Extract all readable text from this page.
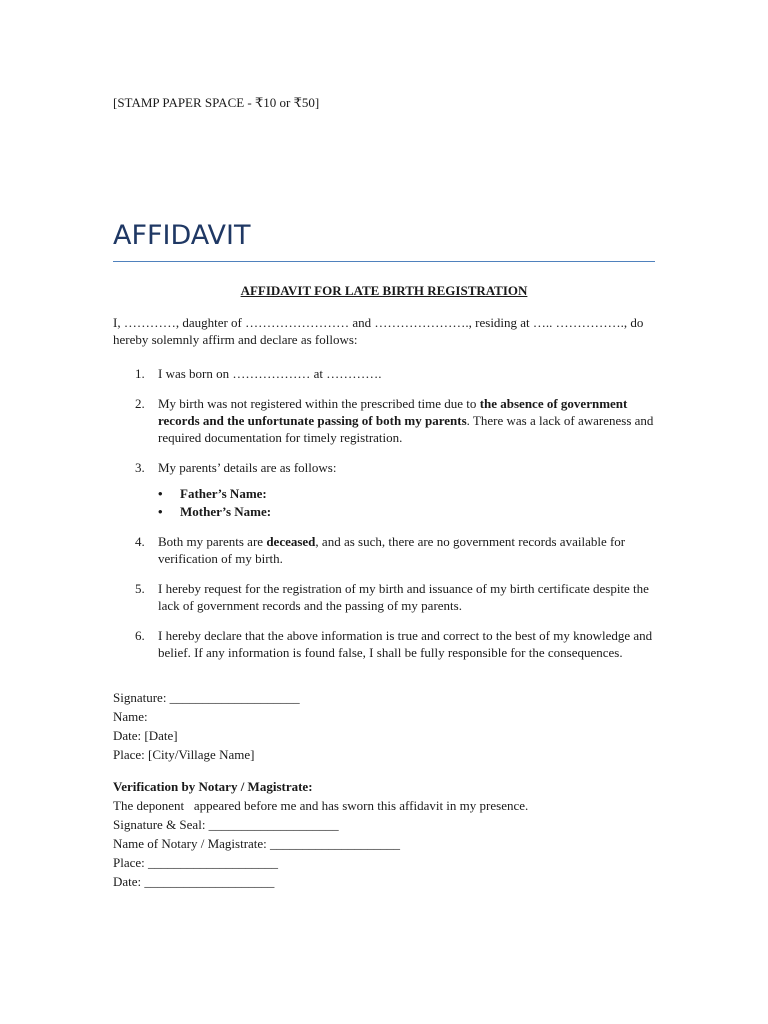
[STAMP PAPER SPACE - ₹10 or ₹50]
AFFIDAVIT
AFFIDAVIT FOR LATE BIRTH REGISTRATION
I, …………, daughter of …………………… and …………………., residing at ….. ……………., do hereby solemnly affirm and declare as follows:
1. I was born on ……………… at ………….
2. My birth was not registered within the prescribed time due to the absence of government records and the unfortunate passing of both my parents. There was a lack of awareness and required documentation for timely registration.
3. My parents’ details are as follows:
• Father’s Name:
• Mother’s Name:
4. Both my parents are deceased, and as such, there are no government records available for verification of my birth.
5. I hereby request for the registration of my birth and issuance of my birth certificate despite the lack of government records and the passing of my parents.
6. I hereby declare that the above information is true and correct to the best of my knowledge and belief. If any information is found false, I shall be fully responsible for the consequences.
Signature: ____________________
Name:
Date: [Date]
Place: [City/Village Name]
Verification by Notary / Magistrate:
The deponent   appeared before me and has sworn this affidavit in my presence.
Signature & Seal: ____________________
Name of Notary / Magistrate: ____________________
Place: ____________________
Date: ____________________
